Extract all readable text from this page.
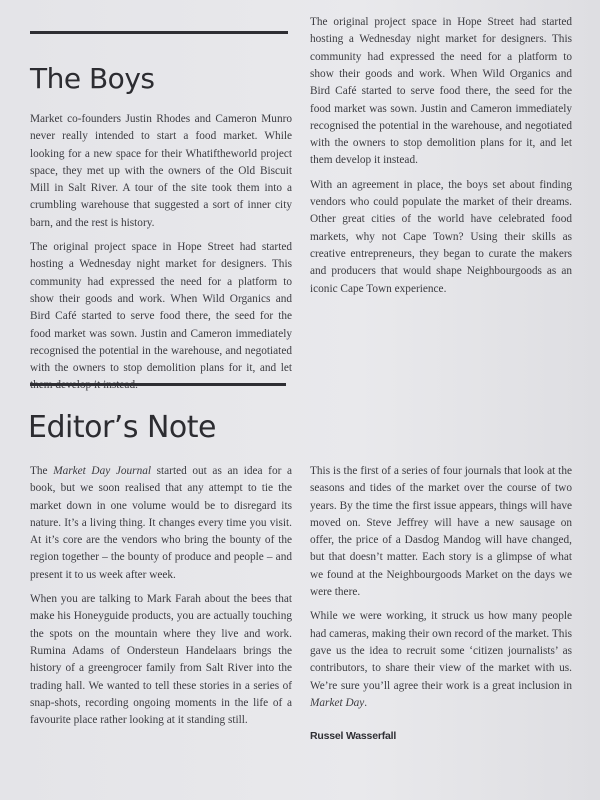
The Boys

Market co-founders Justin Rhodes and Cameron Munro never really intended to start a food market. While looking for a new space for their Whatiftheworld project space, they met up with the owners of the Old Biscuit Mill in Salt River. A tour of the site took them into a crumbling warehouse that suggested a sort of inner city barn, and the rest is history.

The original project space in Hope Street had started hosting a Wednesday night market for designers. This community had expressed the need for a platform to show their goods and work. When Wild Organics and Bird Café started to serve food there, the seed for the food market was sown. Justin and Cameron immediately recognised the potential in the warehouse, and negotiated with the owners to stop demolition plans for it, and let

The original project space in Hope Street had started hosting a Wednesday night market for designers. This community had expressed the need for a platform to show their goods and work. When Wild Organics and Bird Café started to serve food there, the seed for the food market was sown. Justin and Cameron immediately recognised the potential in the warehouse, and negotiated with the owners to stop demolition plans for it, and let them develop it instead.

With an agreement in place, the boys set about finding vendors who could populate the market of their dreams. Other great cities of the world have celebrated food markets, why not Cape Town? Using their skills as creative entrepreneurs, they began to curate the makers and producers that would shape Neighbourgoods as an iconic Cape Town experience.

Editor’s Note

The Market Day Journal started out as an idea for a book, but we soon realised that any attempt to tie the market down in one volume would be to disregard its nature. It’s a living thing. It changes every time you visit. At it’s core are the vendors who bring the bounty of the region together – the bounty of produce and people – and present it to us week after week.

When you are talking to Mark Farah about the bees that make his Honeyguide products, you are actually touching the spots on the mountain where they live and work. Rumina Adams of Ondersteun Handelaars brings the history of a greengrocer family from Salt River into the trading hall. We wanted to tell these stories in a series of snap-shots, recording ongoing moments in the life of a favourite place rather looking at it standing still.

This is the first of a series of four journals that look at the seasons and tides of the market over the course of two years. By the time the first issue appears, things will have moved on. Steve Jeffrey will have a new sausage on offer, the price of a Dasdog Mandog will have changed, but that doesn’t matter. Each story is a glimpse of what we found at the Neighbourgoods Market on the days we were there.

While we were working, it struck us how many people had cameras, making their own record of the market. This gave us the idea to recruit some ‘citizen journalists’ as contributors, to share their view of the market with us. We’re sure you’ll agree their work is a great inclusion in Market Day.

Russel Wasserfall
